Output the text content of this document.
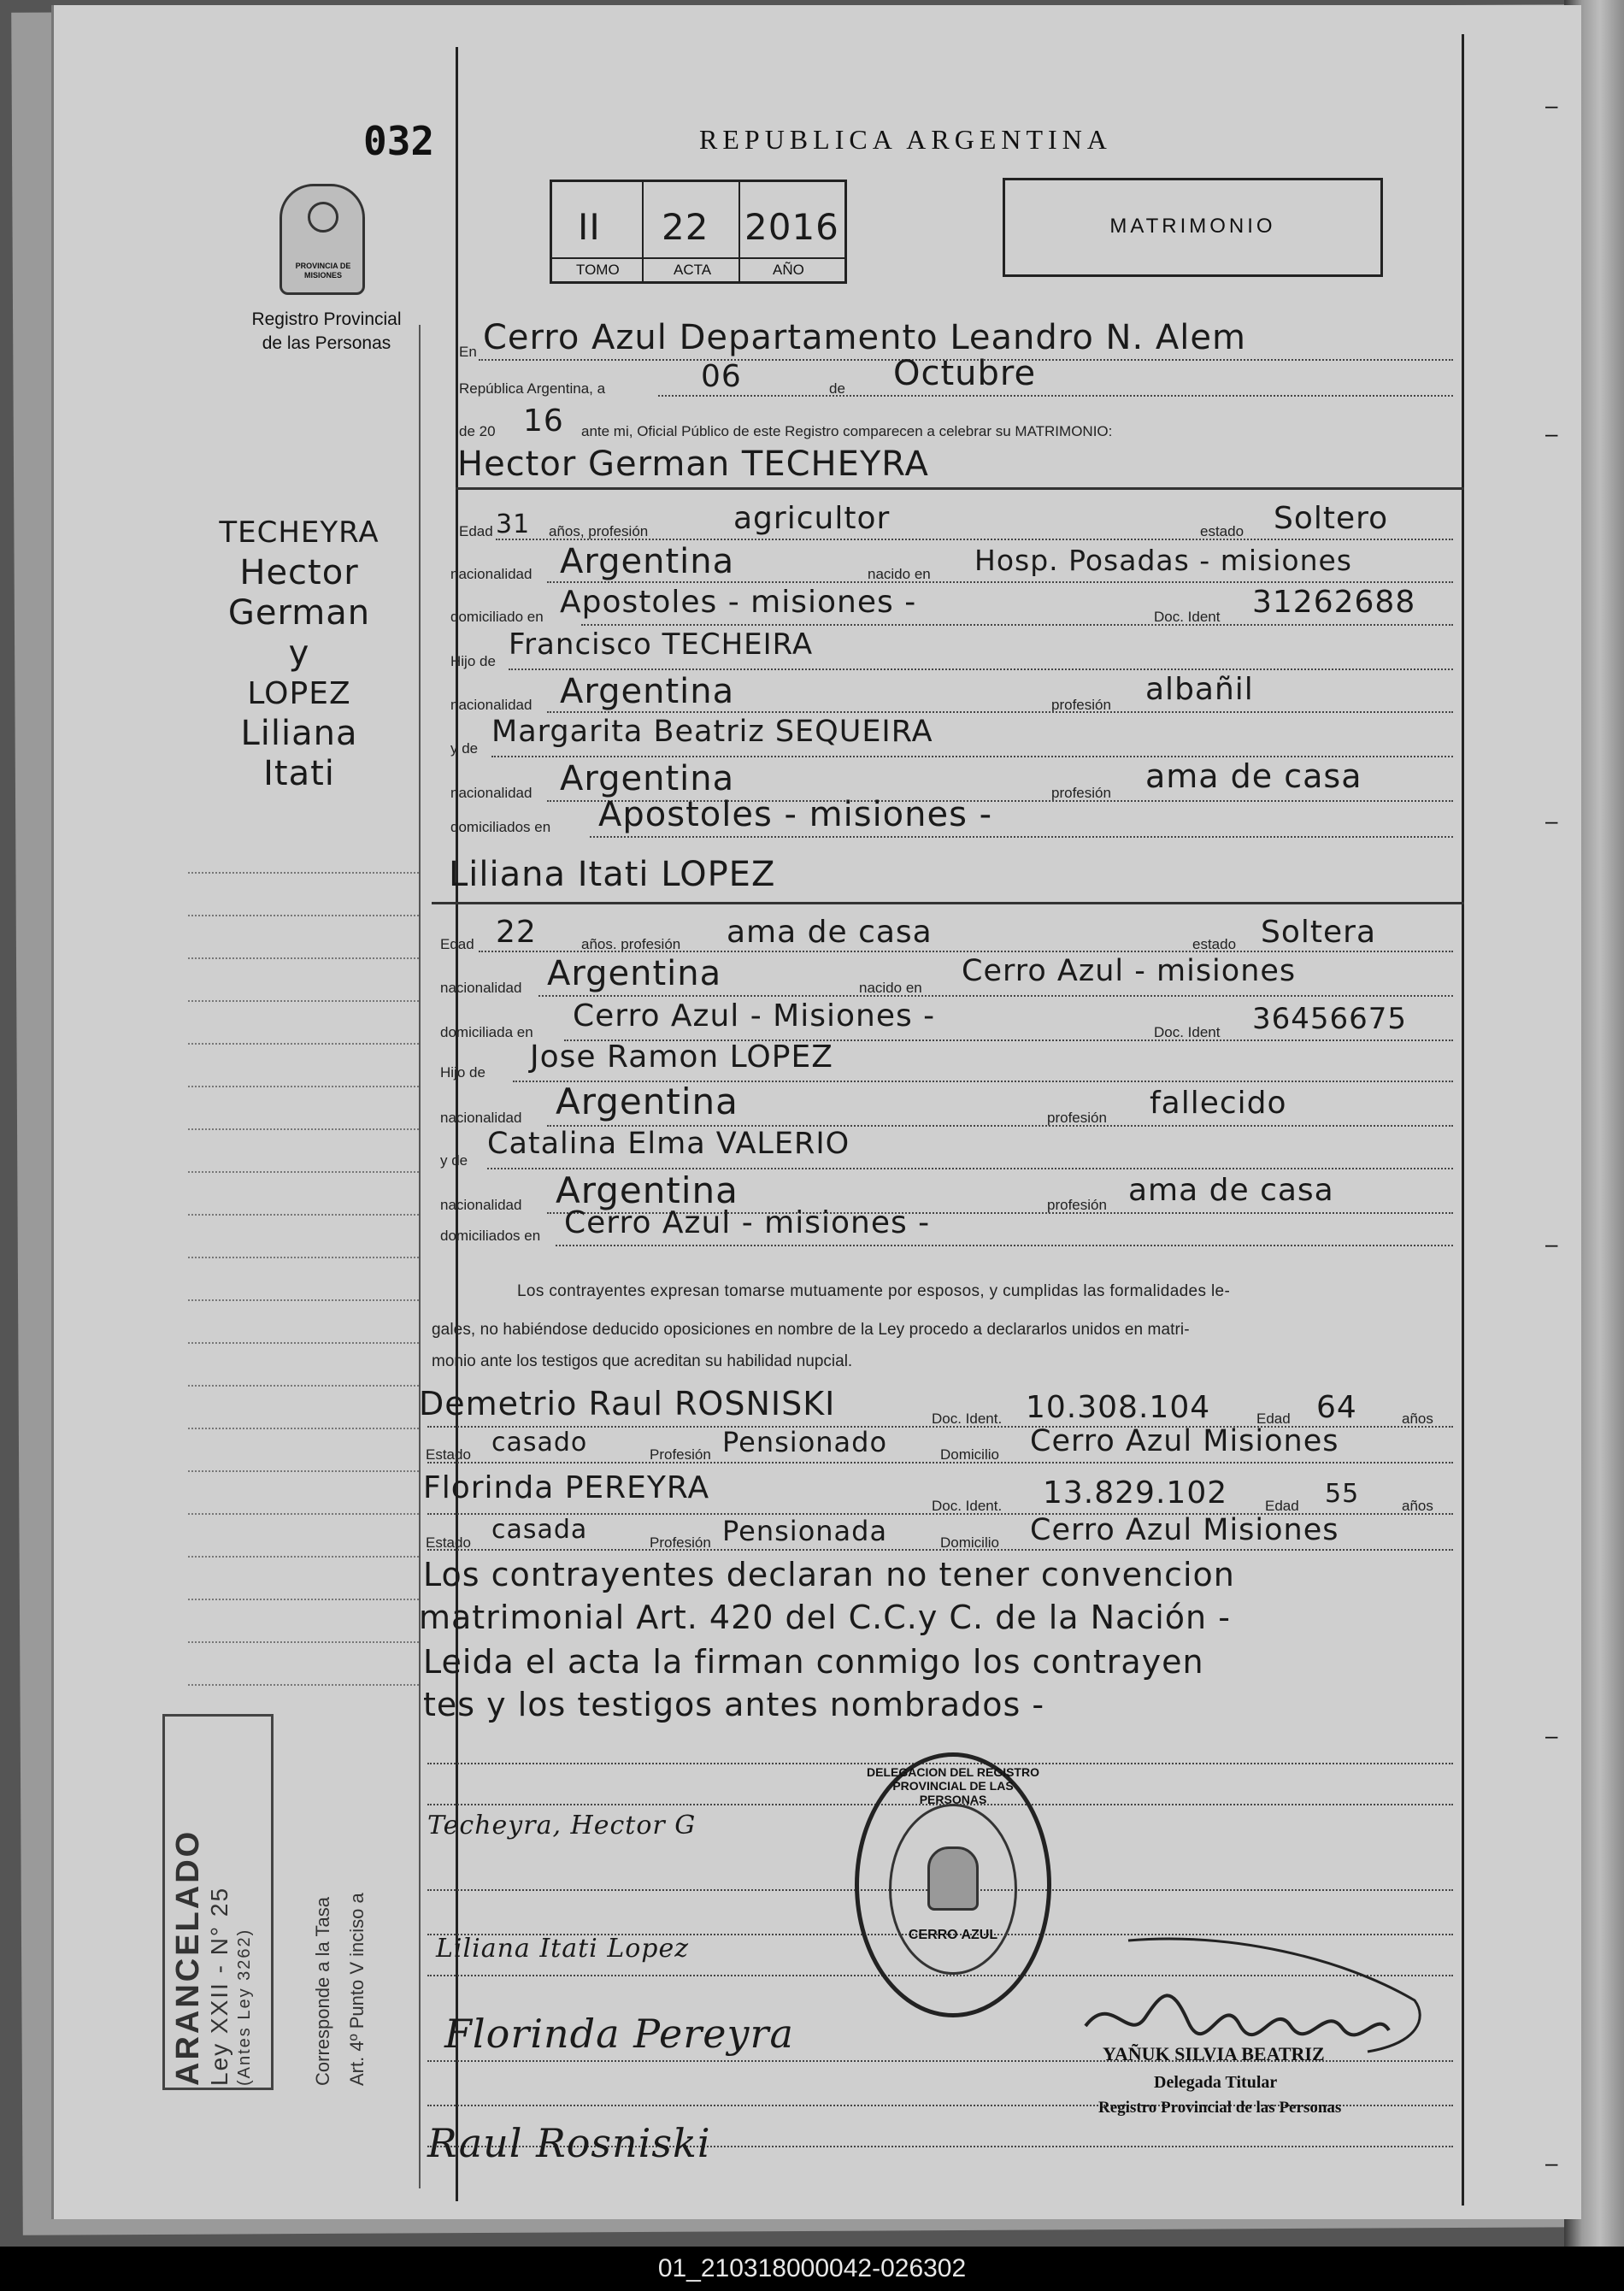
–
–
–
–
–
–
032	REPUBLICA ARGENTINA
PROVINCIA DE MISIONES
Registro Provincial
de las Personas
II 22 2016
TOMO	ACTA	AÑO
MATRIMONIO
TECHEYRA
Hector
German
y
LOPEZ
Liliana
Itati
En Cerro Azul Departamento Leandro N. Alem
República Argentina, a	06	de Octubre
de 20 16 ante mi, Oficial Público de este Registro comparecen a celebrar su MATRIMONIO:
Hector German TECHEYRA
Edad 31 años, profesión	agricultor	estado Soltero
nacionalidad Argentina	nacido en Hosp. Posadas - misiones
domiciliado en Apostoles - misiones -	Doc. Ident 31262688
Hijo de Francisco TECHEIRA
nacionalidad Argentina	profesión albañil
y de Margarita Beatriz SEQUEIRA
nacionalidad Argentina	profesión ama de casa
domiciliados en Apostoles - misiones -
Liliana Itati LOPEZ
Edad 22	años. profesión ama de casa	estado Soltera
nacionalidad Argentina	nacido en Cerro Azul - misiones
domiciliada en Cerro Azul - Misiones -	Doc. Ident 36456675
Hijo de Jose Ramon LOPEZ
nacionalidad Argentina	profesión fallecido
y de Catalina Elma VALERIO
nacionalidad Argentina	profesión ama de casa
domiciliados en Cerro Azul - misiones -
Los contrayentes expresan tomarse mutuamente por esposos, y cumplidas las formalidades le-
gales, no habiéndose deducido oposiciones en nombre de la Ley procedo a declararlos unidos en matri-
monio ante los testigos que acreditan su habilidad nupcial.
Demetrio Raul ROSNISKI	Doc. Ident. 10.308.104	Edad 64	años
Estado casado	Profesión Pensionado	Domicilio Cerro Azul Misiones
Florinda PEREYRA
Doc. Ident. 13.829.102	Edad 55	años
Estado casada	Profesión Pensionada	Domicilio Cerro Azul Misiones
Los contrayentes declaran no tener convencion
matrimonial Art. 420 del C.C.y C. de la Nación -
Leida el acta la firman conmigo los contrayen
tes y los testigos antes nombrados -
Techeyra, Hector G
Liliana Itati Lopez
Florinda Pereyra
Raul Rosniski
YAÑUK SILVIA BEATRIZ
Delegada Titular
Registro Provincial de las Personas
DELEGACION DEL REGISTRO PROVINCIAL DE LAS PERSONAS
CERRO AZUL
ARANCELADO Ley XXII - N° 25 (Antes Ley 3262)	Corresponde a la Tasa Art. 4º Punto V inciso a
01_210318000042-026302
